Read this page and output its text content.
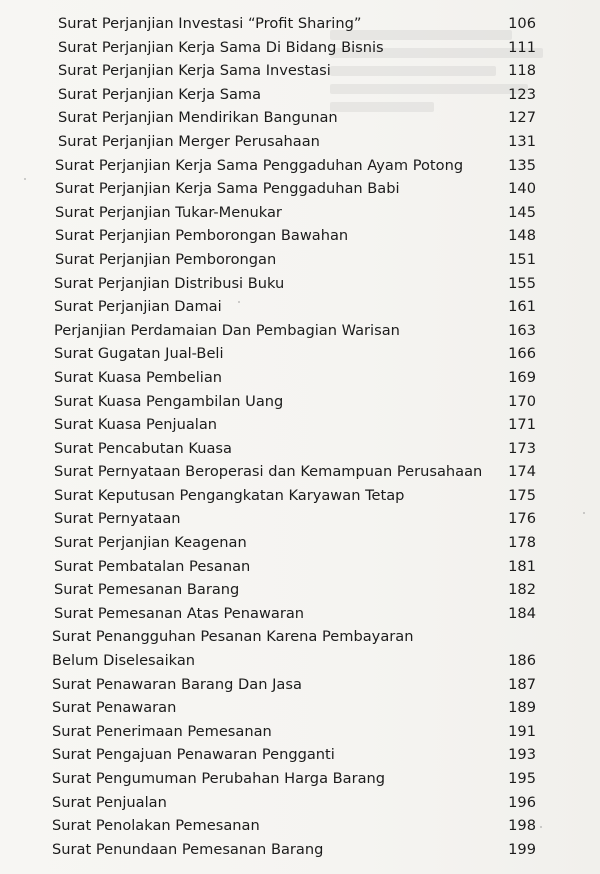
Surat Perjanjian Investasi “Profit Sharing”	106
Surat Perjanjian Kerja Sama Di Bidang Bisnis	111
Surat Perjanjian Kerja Sama Investasi	118
Surat Perjanjian Kerja Sama	123
Surat Perjanjian Mendirikan Bangunan	127
Surat Perjanjian Merger Perusahaan	131
Surat Perjanjian Kerja Sama Penggaduhan Ayam Potong	135
Surat Perjanjian Kerja Sama Penggaduhan Babi	140
Surat Perjanjian Tukar-Menukar	145
Surat Perjanjian Pemborongan Bawahan	148
Surat Perjanjian Pemborongan	151
Surat Perjanjian Distribusi Buku	155
Surat Perjanjian Damai	161
Perjanjian Perdamaian Dan Pembagian Warisan	163
Surat Gugatan Jual-Beli	166
Surat Kuasa Pembelian	169
Surat Kuasa Pengambilan Uang	170
Surat Kuasa Penjualan	171
Surat Pencabutan Kuasa	173
Surat Pernyataan Beroperasi dan Kemampuan Perusahaan 174
Surat Keputusan Pengangkatan Karyawan Tetap	175
Surat Pernyataan	176
Surat Perjanjian Keagenan	178
Surat Pembatalan Pesanan	181
Surat Pemesanan Barang	182
Surat Pemesanan Atas Penawaran	184
Surat Penangguhan Pesanan Karena Pembayaran Belum Diselesaikan	186
Surat Penawaran Barang Dan Jasa	187
Surat Penawaran	189
Surat Penerimaan Pemesanan	191
Surat Pengajuan Penawaran Pengganti	193
Surat Pengumuman Perubahan Harga Barang	195
Surat Penjualan	196
Surat Penolakan Pemesanan	198
Surat Penundaan Pemesanan Barang	199
